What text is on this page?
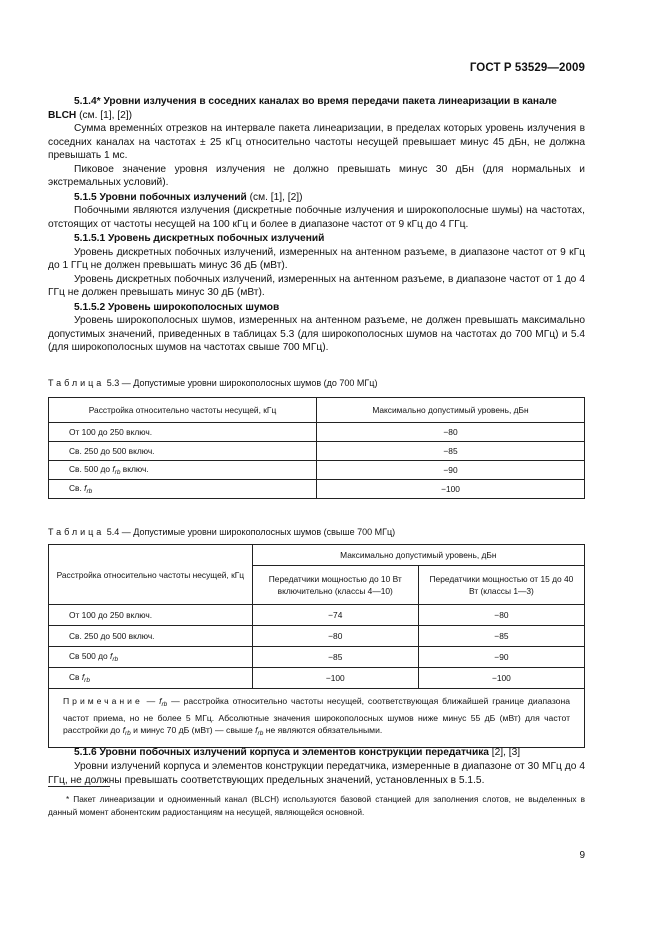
ГОСТ Р 53529—2009

5.1.4* Уровни излучения в соседних каналах во время передачи пакета линеаризации в канале BLCH (см. [1], [2])

Сумма временны́х отрезков на интервале пакета линеаризации, в пределах которых уровень излучения в соседних каналах на частотах ± 25 кГц относительно частоты несущей превышает минус 45 дБн, не должна превышать 1 мс.

Пиковое значение уровня излучения не должно превышать минус 30 дБн (для нормальных и экстремальных условий).

5.1.5 Уровни побочных излучений (см. [1], [2])

Побочными являются излучения (дискретные побочные излучения и широкополосные шумы) на частотах, отстоящих от частоты несущей на 100 кГц и более в диапазоне частот от 9 кГц до 4 ГГц.

5.1.5.1 Уровень дискретных побочных излучений

Уровень дискретных побочных излучений, измеренных на антенном разъеме, в диапазоне частот от 9 кГц до 1 ГГц не должен превышать минус 36 дБ (мВт).

Уровень дискретных побочных излучений, измеренных на антенном разъеме, в диапазоне частот от 1 до 4 ГГц не должен превышать минус 30 дБ (мВт).

5.1.5.2 Уровень широкополосных шумов

Уровень широкополосных шумов, измеренных на антенном разъеме, не должен превышать максимально допустимых значений, приведенных в таблицах 5.3 (для широкополосных шумов на частотах до 700 МГц) и 5.4 (для широкополосных шумов на частотах свыше 700 МГц).

Таблица 5.3 — Допустимые уровни широкополосных шумов (до 700 МГц)
Расстройка относительно частоты несущей, кГц	Максимально допустимый уровень, дБн
От 100 до 250 включ.	−80
Св. 250 до 500 включ.	−85
Св. 500 до $f_{rb}$ включ.	−90
Св. $f_{rb}$	−100
Таблица 5.4 — Допустимые уровни широкополосных шумов (свыше 700 МГц)
Расстройка относительно частоты несущей, кГц	Максимально допустимый уровень, дБн	
	Передатчики мощностью до 10 Вт включительно (классы 4—10)	Передатчики мощностью от 15 до 40 Вт (классы 1—3)
От 100 до 250 включ.	−74	−80
Св. 250 до 500 включ.	−80	−85
Св 500 до $f_{rb}$	−85	−90
Св $f_{rb}$	−100	−100
Примечание — $f_{rb}$ — расстройка относительно частоты несущей, соответствующая ближайшей границе диапазона частот приема, но не более 5 МГц. Абсолютные значения широкополосных шумов ниже минус 55 дБ (мВт) для частот расстройки до $f_{rb}$ и минус 70 дБ (мВт) — свыше $f_{rb}$ не являются обязательными.		

5.1.6 Уровни побочных излучений корпуса и элементов конструкции передатчика [2], [3]

Уровни излучений корпуса и элементов конструкции передатчика, измеренные в диапазоне от 30 МГц до 4 ГГц, не должны превышать соответствующих предельных значений, установленных в 5.1.5.

* Пакет линеаризации и одноименный канал (BLCH) используются базовой станцией для заполнения слотов, не выделенных в данный момент абонентским радиостанциям на несущей, являющейся основной.
9
